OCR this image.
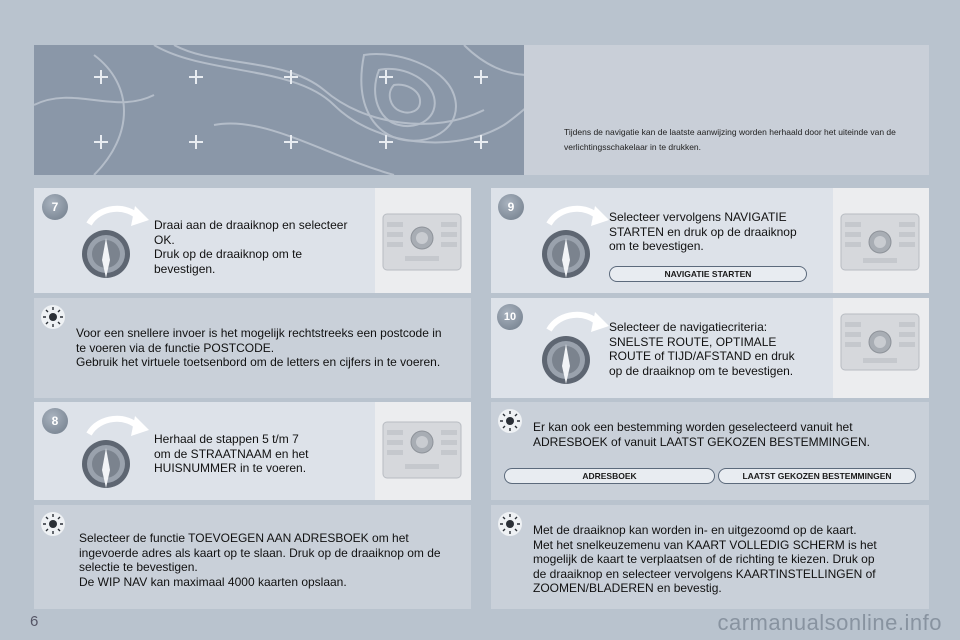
Tijdens de navigatie kan de laatste aanwijzing worden herhaald door het uiteinde van de verlichtingsschakelaar in te drukken.

7
Draai aan de draaiknop en selecteer
OK.
Druk op de draaiknop om te
bevestigen.
9
Selecteer vervolgens NAVIGATIE
STARTEN en druk op de draaiknop
om te bevestigen.
NAVIGATIE STARTEN
Voor een snellere invoer is het mogelijk rechtstreeks een postcode in
te voeren via de functie POSTCODE.
Gebruik het virtuele toetsenbord om de letters en cijfers in te voeren.
10
Selecteer de navigatiecriteria:
SNELSTE ROUTE, OPTIMALE
ROUTE of TIJD/AFSTAND en druk
op de draaiknop om te bevestigen.
8
Herhaal de stappen 5 t/m 7
om de STRAATNAAM en het
HUISNUMMER in te voeren.
Er kan ook een bestemming worden geselecteerd vanuit het
ADRESBOEK of vanuit LAATST GEKOZEN BESTEMMINGEN.
ADRESBOEK	LAATST GEKOZEN BESTEMMINGEN
Selecteer de functie TOEVOEGEN AAN ADRESBOEK om het
ingevoerde adres als kaart op te slaan. Druk op de draaiknop om de
selectie te bevestigen.
De WIP NAV kan maximaal 4000 kaarten opslaan.
Met de draaiknop kan worden in- en uitgezoomd op de kaart.
Met het snelkeuzemenu van KAART VOLLEDIG SCHERM is het
mogelijk de kaart te verplaatsen of de richting te kiezen. Druk op
de draaiknop en selecteer vervolgens KAARTINSTELLINGEN of
ZOOMEN/BLADEREN en bevestig.
6	carmanualsonline.info
